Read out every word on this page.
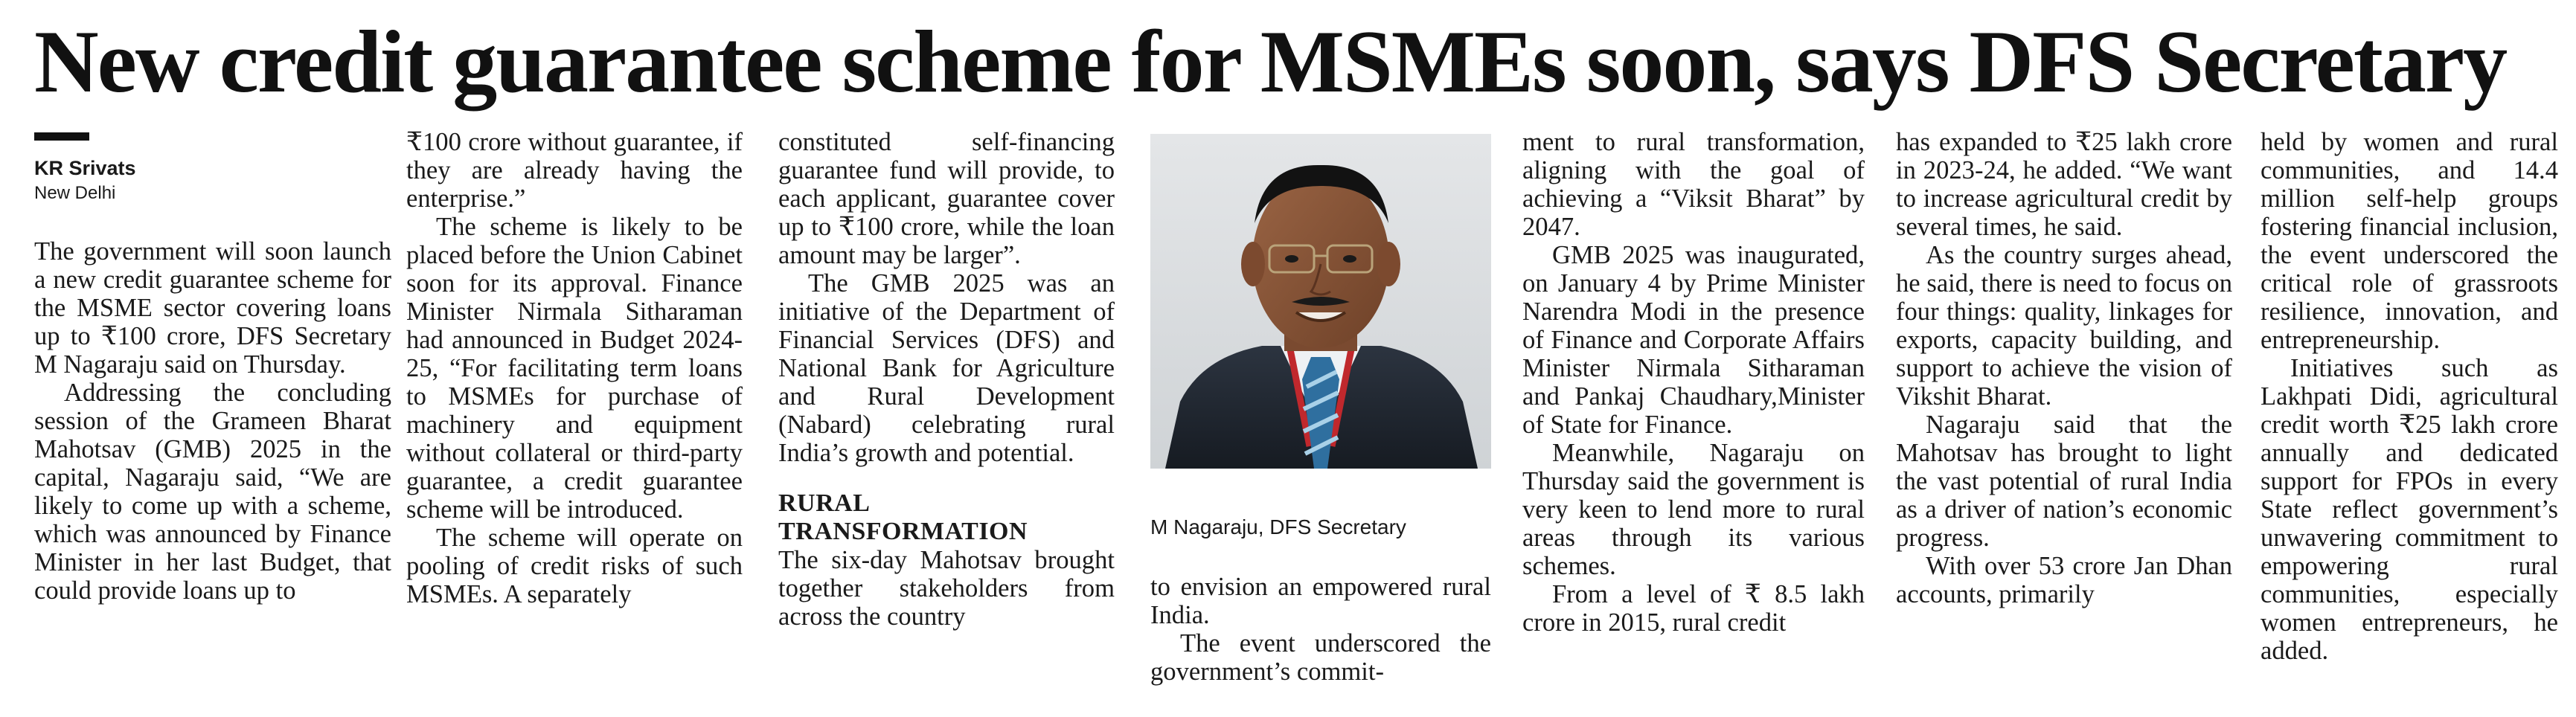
New credit guarantee scheme for MSMEs soon, says DFS Secretary
KR Srivats
New Delhi

The government will soon launch a new credit guarantee scheme for the MSME sector covering loans up to ₹100 crore, DFS Secretary M Nagaraju said on Thursday.

Addressing the concluding session of the Grameen Bharat Mahotsav (GMB) 2025 in the capital, Nagaraju said, “We are likely to come up with a scheme, which was announced by Finance Minister in her last Budget, that could provide loans up to

₹100 crore without guarantee, if they are already having the enterprise.”

The scheme is likely to be placed before the Union Cabinet soon for its approval. Finance Minister Nirmala Sitharaman had announced in Budget 2024-25, “For facilitating term loans to MSMEs for purchase of machinery and equipment without collateral or third-party guarantee, a credit guarantee scheme will be introduced.

The scheme will operate on pooling of credit risks of such MSMEs. A separately

constituted self-financing guarantee fund will provide, to each applicant, guarantee cover up to ₹100 crore, while the loan amount may be larger”.

The GMB 2025 was an initiative of the Department of Financial Services (DFS) and National Bank for Agriculture and Rural Development (Nabard) celebrating rural India’s growth and potential.

RURAL TRANSFORMATION

The six-day Mahotsav brought together stakeholders from across the country

to envision an empowered rural India.

The event underscored the government’s commit-

M Nagaraju, DFS Secretary

ment to rural transformation, aligning with the goal of achieving a “Viksit Bharat” by 2047.

GMB 2025 was inaugurated, on January 4 by Prime Minister Narendra Modi in the presence of Finance and Corporate Affairs Minister Nirmala Sitharaman and Pankaj Chaudhary,Minister of State for Finance.

Meanwhile, Nagaraju on Thursday said the government is very keen to lend more to rural areas through its various schemes.

From a level of ₹ 8.5 lakh crore in 2015, rural credit

has expanded to ₹25 lakh crore in 2023-24, he added. “We want to increase agricultural credit by several times, he said.

As the country surges ahead, he said, there is need to focus on four things: quality, linkages for exports, capacity building, and support to achieve the vision of Vikshit Bharat.

Nagaraju said that the Mahotsav has brought to light the vast potential of rural India as a driver of nation’s economic progress.

With over 53 crore Jan Dhan accounts, primarily

held by women and rural communities, and 14.4 million self-help groups fostering financial inclusion, the event underscored the critical role of grassroots resilience, innovation, and entrepreneurship.

Initiatives such as Lakhpati Didi, agricultural credit worth ₹25 lakh crore annually and dedicated support for FPOs in every State reflect government’s unwavering commitment to empowering rural communities, especially women entrepreneurs, he added.
